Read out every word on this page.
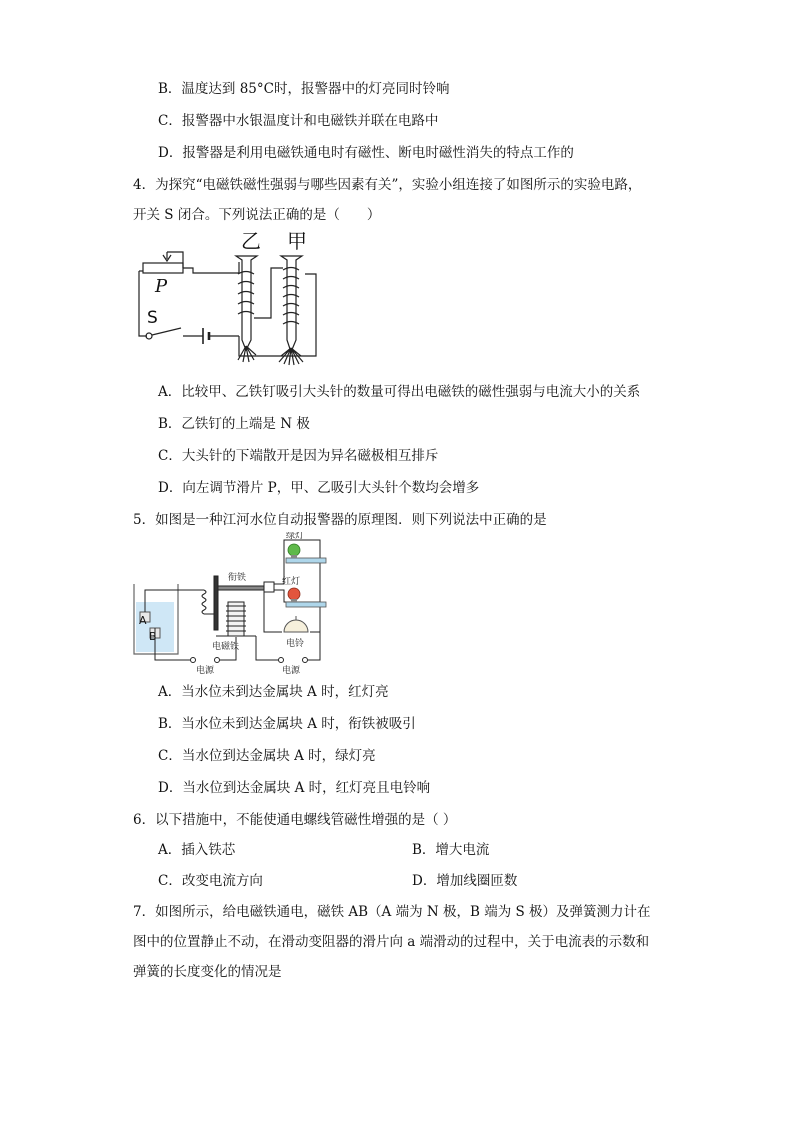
B．温度达到 85°C时，报警器中的灯亮同时铃响
C．报警器中水银温度计和电磁铁并联在电路中
D．报警器是利用电磁铁通电时有磁性、断电时磁性消失的特点工作的
4．为探究“电磁铁磁性强弱与哪些因素有关”，实验小组连接了如图所示的实验电路，
开关 S 闭合。下列说法正确的是（　　）
乙 甲
P
S
A．比较甲、乙铁钉吸引大头针的数量可得出电磁铁的磁性强弱与电流大小的关系
B．乙铁钉的上端是 N 极
C．大头针的下端散开是因为异名磁极相互排斥
D．向左调节滑片 P，甲、乙吸引大头针个数均会增多
5．如图是一种江河水位自动报警器的原理图．则下列说法中正确的是
A
B
绿灯
红灯
电铃
衔铁
电磁铁
电源	电源
A．当水位未到达金属块 A 时，红灯亮
B．当水位未到达金属块 A 时，衔铁被吸引
C．当水位到达金属块 A 时，绿灯亮
D．当水位到达金属块 A 时，红灯亮且电铃响
6．以下措施中，不能使通电螺线管磁性增强的是（ ）
A．插入铁芯	B．增大电流
C．改变电流方向	D．增加线圈匝数
7．如图所示，给电磁铁通电，磁铁 AB（A 端为 N 极，B 端为 S 极）及弹簧测力计在
图中的位置静止不动，在滑动变阻器的滑片向 a 端滑动的过程中，关于电流表的示数和
弹簧的长度变化的情况是
